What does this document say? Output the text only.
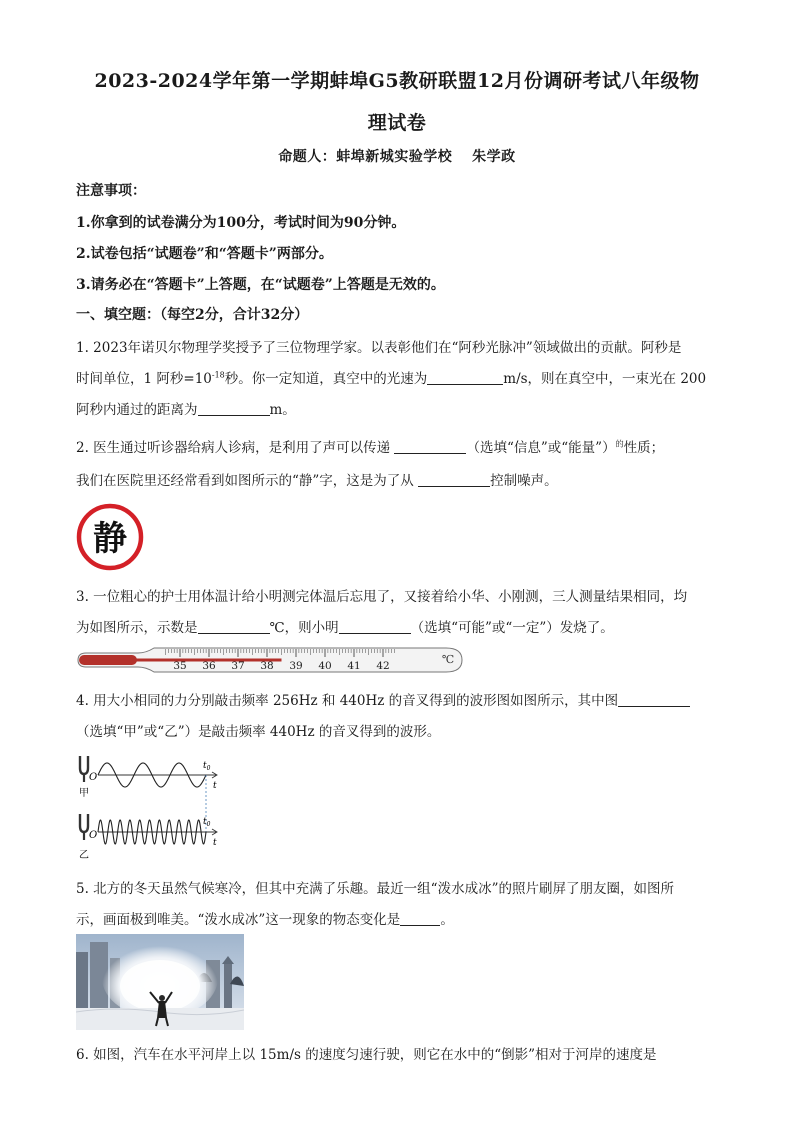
2023-2024学年第一学期蚌埠G5教研联盟12月份调研考试八年级物
理试卷
命题人：蚌埠新城实验学校　 朱学政
注意事项：
1.你拿到的试卷满分为100分，考试时间为90分钟。
2.试卷包括“试题卷”和“答题卡”两部分。
3.请务必在“答题卡”上答题，在“试题卷”上答题是无效的。
一、填空题：（每空2分，合计32分）
1. 2023年诺贝尔物理学奖授予了三位物理学家。以表彰他们在“阿秒光脉冲”领域做出的贡献。阿秒是
时间单位，1 阿秒$=10^{-18}$秒。你一定知道，真空中的光速为	m/s，则在真空中，一束光在 200
阿秒内通过的距离为	m。
2. 医生通过听诊器给病人诊病，是利用了声可以传递	（选填“信息”或“能量”）$^的$性质；
我们在医院里还经常看到如图所示的“静”字，这是为了从	控制噪声。
静
3. 一位粗心的护士用体温计给小明测完体温后忘甩了，又接着给小华、小刚测，三人测量结果相同，均
为如图所示，示数是	℃，则小明	（选填“可能”或“一定”）发烧了。
35 36 37 38 39 40 41 42	℃
4. 用大小相同的力分别敲击频率 256Hz 和 440Hz 的音叉得到的波形图如图所示，其中图
（选填“甲”或“乙”）是敲击频率 440Hz 的音叉得到的波形。
O
甲
t
$t_0$
O
乙
t
$t_0$
5. 北方的冬天虽然气候寒冷，但其中充满了乐趣。最近一组“泼水成冰”的照片刷屏了朋友圈，如图所
示，画面极到唯美。“泼水成冰”这一现象的物态变化是	。
6. 如图，汽车在水平河岸上以 15m/s 的速度匀速行驶，则它在水中的“倒影”相对于河岸的速度是
